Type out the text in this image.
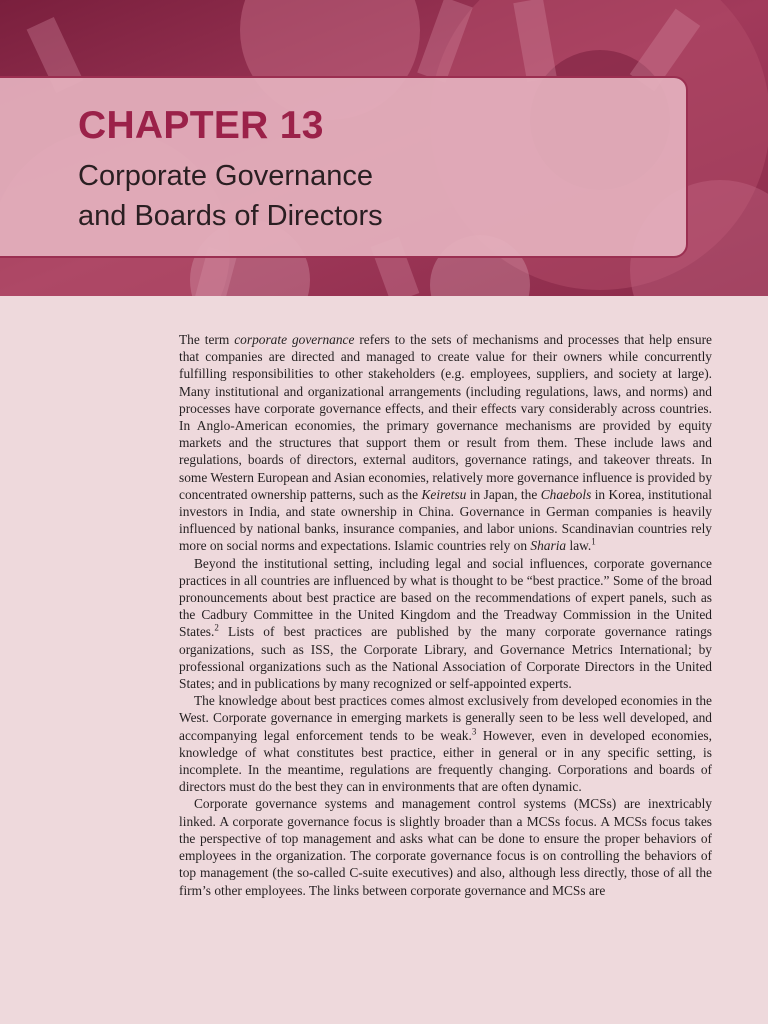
CHAPTER 13
Corporate Governance
and Boards of Directors

The term corporate governance refers to the sets of mechanisms and processes that help ensure that companies are directed and managed to create value for their owners while concurrently fulfilling responsibilities to other stakeholders (e.g. employees, suppliers, and society at large). Many institutional and organizational arrangements (including regulations, laws, and norms) and processes have corporate governance effects, and their effects vary considerably across countries. In Anglo-American economies, the primary governance mechanisms are provided by equity markets and the structures that support them or result from them. These include laws and regulations, boards of directors, external auditors, governance ratings, and takeover threats. In some Western European and Asian economies, relatively more governance influence is provided by concentrated ownership patterns, such as the Keiretsu in Japan, the Chaebols in Korea, institutional investors in India, and state ownership in China. Governance in German companies is heavily influenced by national banks, insurance companies, and labor unions. Scandinavian countries rely more on social norms and expectations. Islamic countries rely on Sharia law.$^1$

Beyond the institutional setting, including legal and social influences, corporate governance practices in all countries are influenced by what is thought to be “best practice.” Some of the broad pronouncements about best practice are based on the recommendations of expert panels, such as the Cadbury Committee in the United Kingdom and the Treadway Commission in the United States.$^2$ Lists of best practices are published by the many corporate governance ratings organizations, such as ISS, the Corporate Library, and Governance Metrics International; by professional organizations such as the National Association of Corporate Directors in the United States; and in publications by many recognized or self-appointed experts.

The knowledge about best practices comes almost exclusively from developed economies in the West. Corporate governance in emerging markets is generally seen to be less well developed, and accompanying legal enforcement tends to be weak.$^3$ However, even in developed economies, knowledge of what constitutes best practice, either in general or in any specific setting, is incomplete. In the meantime, regulations are frequently changing. Corporations and boards of directors must do the best they can in environments that are often dynamic.

Corporate governance systems and management control systems (MCSs) are inextricably linked. A corporate governance focus is slightly broader than a MCSs focus. A MCSs focus takes the perspective of top management and asks what can be done to ensure the proper behaviors of employees in the organization. The corporate governance focus is on controlling the behaviors of top management (the so-called C-suite executives) and also, although less directly, those of all the firm’s other employees. The links between corporate governance and MCSs are
